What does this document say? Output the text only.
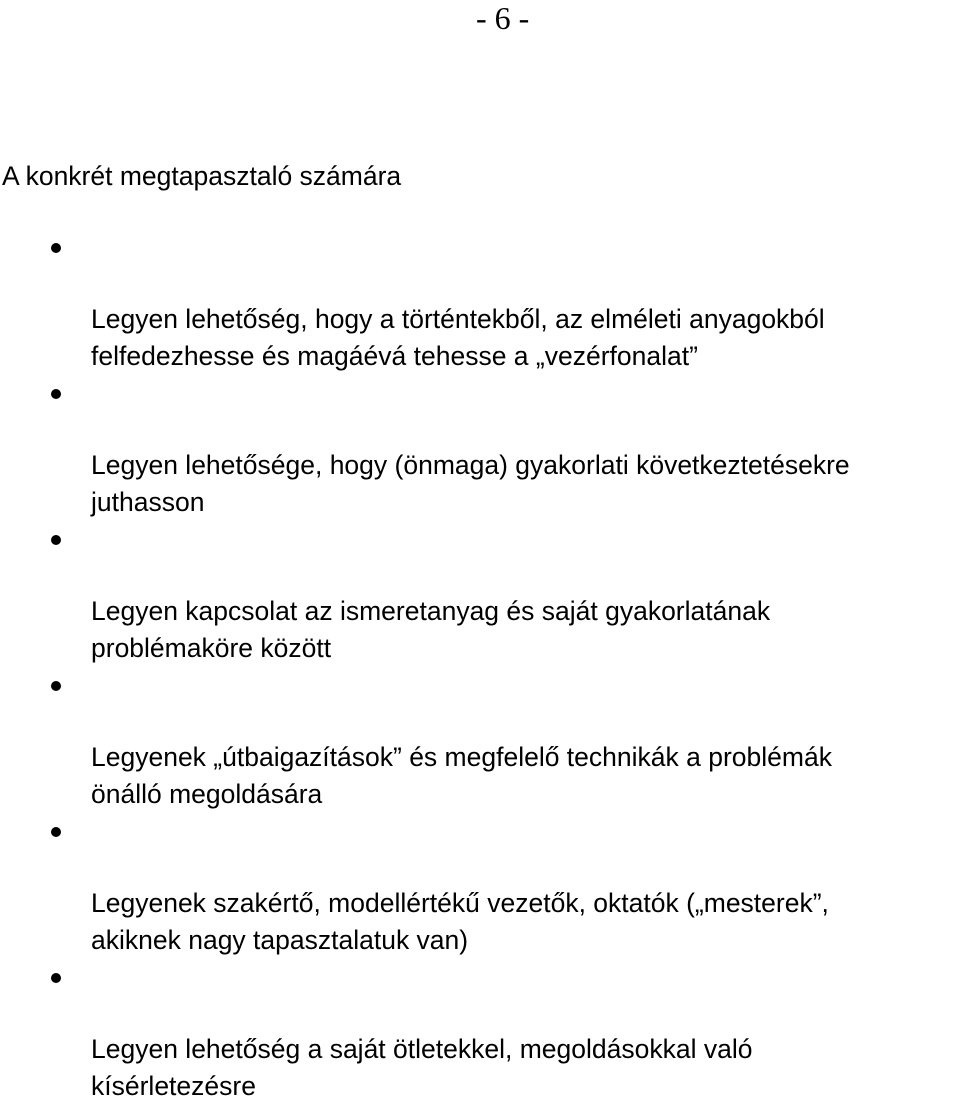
- 6 -
A konkrét megtapasztaló számára

Legyen lehetőség, hogy a történtekből, az elméleti anyagokból
felfedezhesse és magáévá tehesse a „vezérfonalat”

Legyen lehetősége, hogy (önmaga) gyakorlati következtetésekre
juthasson

Legyen kapcsolat az ismeretanyag és saját gyakorlatának
problémaköre között

Legyenek „útbaigazítások” és megfelelő technikák a problémák
önálló megoldására

Legyenek szakértő, modellértékű vezetők, oktatók („mesterek”,
akiknek nagy tapasztalatuk van)

Legyen lehetőség a saját ötletekkel, megoldásokkal való
kísérletezésre
